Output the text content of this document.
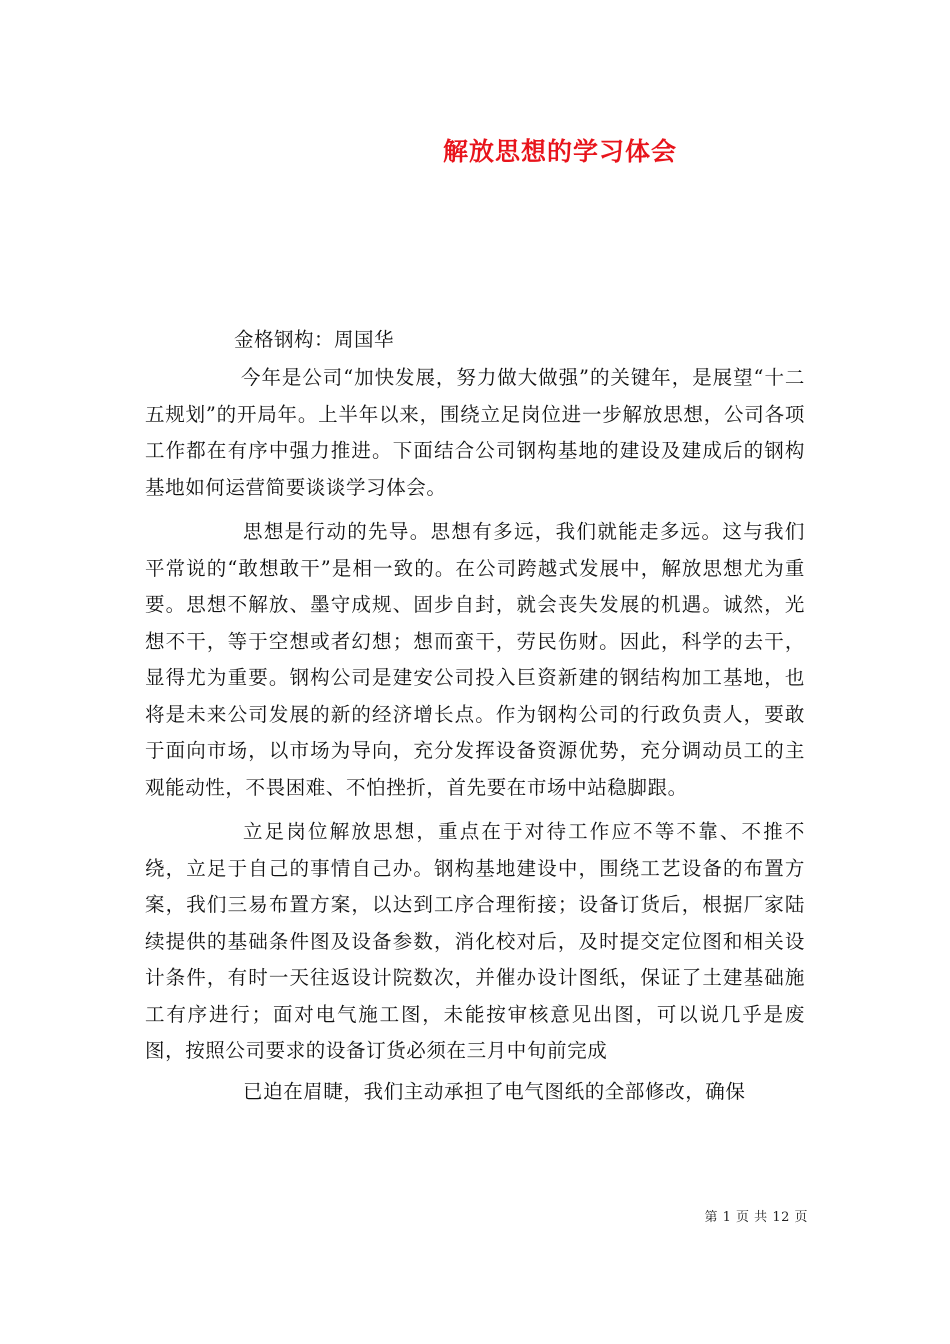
解放思想的学习体会
金格钢构：周国华

今年是公司“加快发展，努力做大做强”的关键年，是展望“十二五规划”的开局年。上半年以来，围绕立足岗位进一步解放思想，公司各项工作都在有序中强力推进。下面结合公司钢构基地的建设及建成后的钢构基地如何运营简要谈谈学习体会。

思想是行动的先导。思想有多远，我们就能走多远。这与我们平常说的“敢想敢干”是相一致的。在公司跨越式发展中，解放思想尤为重要。思想不解放、墨守成规、固步自封，就会丧失发展的机遇。诚然，光想不干，等于空想或者幻想；想而蛮干，劳民伤财。因此，科学的去干，显得尤为重要。钢构公司是建安公司投入巨资新建的钢结构加工基地，也将是未来公司发展的新的经济增长点。作为钢构公司的行政负责人，要敢于面向市场，以市场为导向，充分发挥设备资源优势，充分调动员工的主观能动性，不畏困难、不怕挫折，首先要在市场中站稳脚跟。

立足岗位解放思想，重点在于对待工作应不等不靠、不推不绕，立足于自己的事情自己办。钢构基地建设中，围绕工艺设备的布置方案，我们三易布置方案，以达到工序合理衔接；设备订货后，根据厂家陆续提供的基础条件图及设备参数，消化校对后，及时提交定位图和相关设计条件，有时一天往返设计院数次，并催办设计图纸，保证了土建基础施工有序进行；面对电气施工图，未能按审核意见出图，可以说几乎是废图，按照公司要求的设备订货必须在三月中旬前完成

已迫在眉睫，我们主动承担了电气图纸的全部修改，确保

第 1 页 共 12 页
